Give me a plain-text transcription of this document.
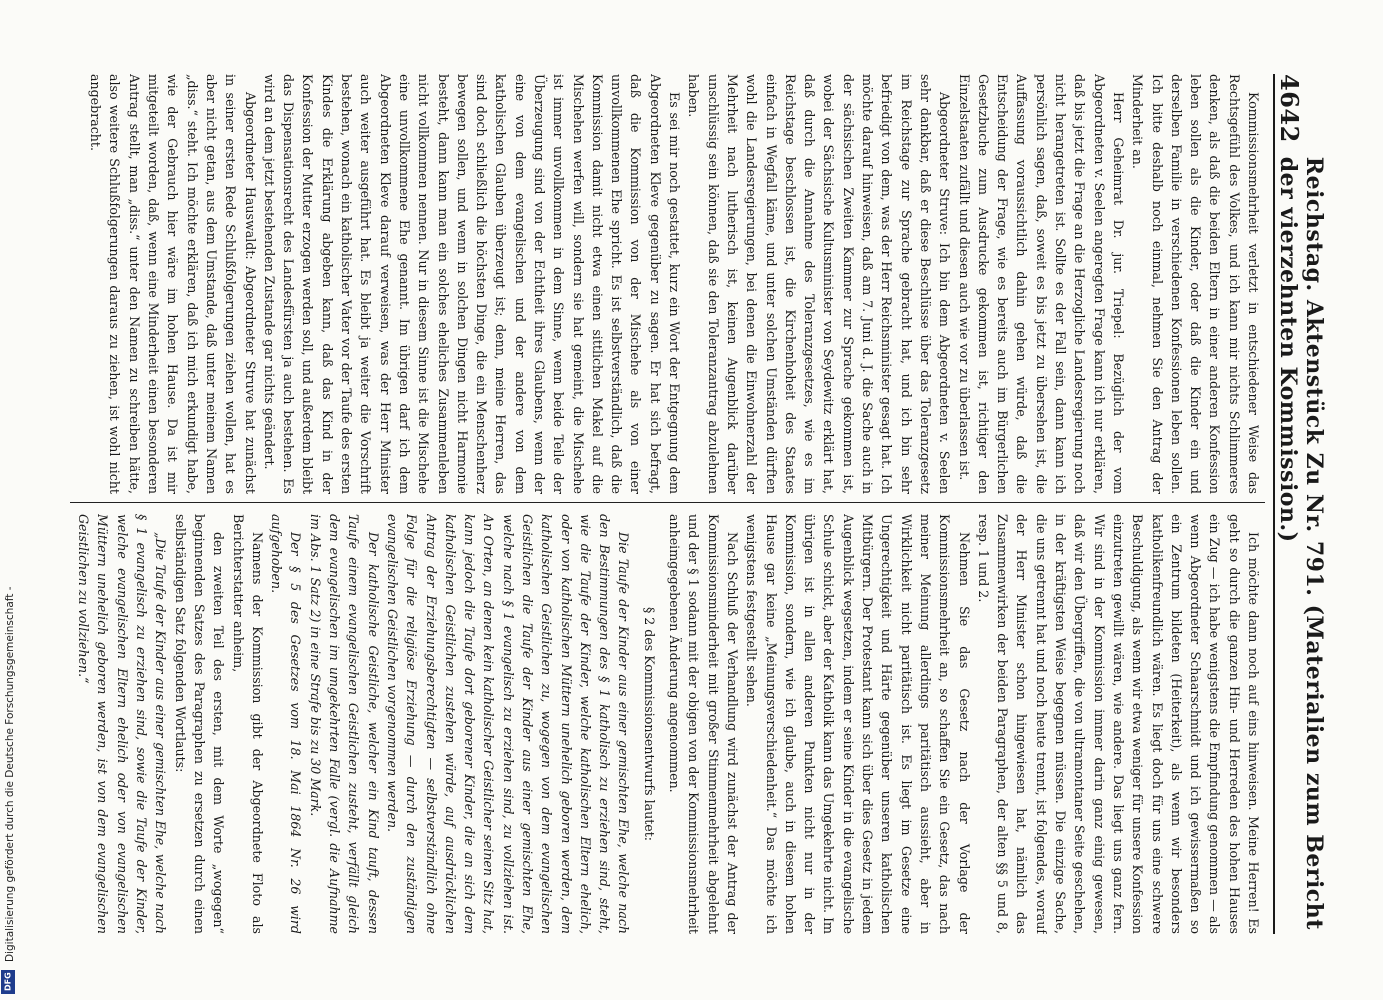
4642
Reichstag. Aktenstück Zu Nr. 791. (Materialien zum Bericht der vierzehnten Kommission.)

Kommissionsmehrheit verletzt in entschiedener Weise das Rechtsgefühl des Volkes, und ich kann mir nichts Schlimmeres denken, als daß die beiden Eltern in einer anderen Konfession leben sollen als die Kinder, oder daß die Kinder ein und derselben Familie in verschiedenen Konfessionen leben sollen. Ich bitte deshalb noch einmal, nehmen Sie den Antrag der Minderheit an.

Herr Geheimrat Dr. jur. Triepel: Bezüglich der vom Abgeordneten v. Seelen angeregten Frage kann ich nur erklären, daß bis jetzt die Frage an die Herzogliche Landesregierung noch nicht herangetreten ist. Sollte es der Fall sein, dann kann ich persönlich sagen, daß, soweit es bis jetzt zu übersehen ist, die Auffassung voraussichtlich dahin gehen würde, daß die Entscheidung der Frage, wie es bereits auch im Bürgerlichen Gesetzbuche zum Ausdrucke gekommen ist, richtiger den Einzelstaaten zufällt und diesen auch wie vor zu überlassen ist.

Abgeordneter Struve: Ich bin dem Abgeordneten v. Seelen sehr dankbar, daß er diese Beschlüsse über das Toleranzgesetz im Reichstage zur Sprache gebracht hat, und ich bin sehr befriedigt von dem, was der Herr Reichsminister gesagt hat. Ich möchte darauf hinweisen, daß am 7. Juni d. J. die Sache auch in der sächsischen Zweiten Kammer zur Sprache gekommen ist, wobei der Sächsische Kultusminister von Seydewitz erklärt hat, daß durch die Annahme des Toleranzgesetzes, wie es im Reichstage beschlossen ist, die Kirchenhoheit des Staates einfach in Wegfall käme, und unter solchen Umständen dürften wohl die Landesregierungen, bei denen die Einwohnerzahl der Mehrheit nach lutherisch ist, keinen Augenblick darüber unschlüssig sein können, daß sie den Toleranzantrag abzulehnen haben.

Es sei mir noch gestattet, kurz ein Wort der Entgegnung dem Abgeordneten Kleve gegenüber zu sagen. Er hat sich befragt, daß die Kommission von der Mischehe als von einer unvollkommenen Ehe spricht. Es ist selbstverständlich, daß die Kommission damit nicht etwa einen sittlichen Makel auf die Mischehen werfen will, sondern sie hat gemeint, die Mischehe ist immer unvollkommen in dem Sinne, wenn beide Teile der Überzeugung sind von der Echtheit ihres Glaubens, wenn der eine von dem evangelischen und der andere von dem katholischen Glauben überzeugt ist; denn, meine Herren, das sind doch schließlich die höchsten Dinge, die ein Menschenherz bewegen sollen, und wenn in solchen Dingen nicht Harmonie besteht, dann kann man ein solches eheliches Zusammenleben nicht vollkommen nennen. Nur in diesem Sinne ist die Mischehe eine unvollkommene Ehe genannt. Im übrigen darf ich dem Abgeordneten Kleve darauf verweisen, was der Herr Minister auch weiter ausgeführt hat. Es bleibt ja weiter die Vorschrift bestehen, wonach ein katholischer Vater vor der Taufe des ersten Kindes die Erklärung abgeben kann, daß das Kind in der Konfession der Mutter erzogen werden soll, und außerdem bleibt das Dispensationsrecht des Landesfürsten ja auch bestehen. Es wird an dem jetzt bestehenden Zustande gar nichts geändert.

Abgeordneter Hauswaldt: Abgeordneter Struve hat zunächst in seiner ersten Rede Schlußfolgerungen ziehen wollen, hat es aber nicht getan, aus dem Umstande, daß unter meinem Namen „diss.“ steht. Ich möchte erklären, daß ich mich erkundigt habe, wie der Gebrauch hier wäre im hohen Hause. Da ist mir mitgeteilt worden, daß, wenn eine Minderheit einen besonderen Antrag stellt, man „diss.“ unter den Namen zu schreiben hätte, also weitere Schlußfolgerungen daraus zu ziehen, ist wohl nicht angebracht.

Ich möchte dann noch auf eins hinweisen. Meine Herren! Es geht so durch die ganzen Hin- und Herreden des hohen Hauses ein Zug — ich habe wenigstens die Empfindung genommen — als wenn Abgeordneter Schaarschmidt und ich gewissermaßen so ein Zentrum bildeten (Heiterkeit), als wenn wir besonders katholikenfreundlich wären. Es liegt doch für uns eine schwere Beschuldigung, als wenn wir etwa weniger für unsere Konfession einzutreten gewillt wären, wie andere. Das liegt uns ganz fern. Wir sind in der Kommission immer darin ganz einig gewesen, daß wir den Übergriffen, die von ultramontaner Seite geschehen, in der kräftigsten Weise begegnen müssen. Die einzige Sache, die uns getrennt hat und noch heute trennt, ist folgendes, worauf der Herr Minister schon hingewiesen hat, nämlich das Zusammenwirken der beiden Paragraphen, der alten §§ 5 und 8, resp. 1 und 2.

Nehmen Sie das Gesetz nach der Vorlage der Kommissionsmehrheit an, so schaffen Sie ein Gesetz, das nach meiner Meinung allerdings paritätisch aussieht, aber in Wirklichkeit nicht paritätisch ist. Es liegt im Gesetze eine Ungerechtigkeit und Härte gegenüber unseren katholischen Mitbürgern. Der Protestant kann sich über dies Gesetz in jedem Augenblick wegsetzen, indem er seine Kinder in die evangelische Schule schickt, aber der Katholik kann das Umgekehrte nicht. Im übrigen ist in allen anderen Punkten nicht nur in der Kommission, sondern, wie ich glaube, auch in diesem hohen Hause gar keine „Meinungsverschiedenheit.“ Das möchte ich wenigstens festgestellt sehen.

Nach Schluß der Verhandlung wird zunächst der Antrag der Kommissionsminderheit mit großer Stimmenmehrheit abgelehnt und der § 1 sodann mit der obigen von der Kommissionsmehrheit anheimgegebenen Änderung angenommen.

§ 2 des Kommissionsentwurfs lautet:

Die Taufe der Kinder aus einer gemischten Ehe, welche nach den Bestimmungen des § 1 katholisch zu erziehen sind, steht, wie die Taufe der Kinder, welche katholischen Eltern ehelich, oder von katholischen Müttern unehelich geboren werden, dem katholischen Geistlichen zu, wogegen von dem evangelischen Geistlichen die Taufe der Kinder aus einer gemischten Ehe, welche nach § 1 evangelisch zu erziehen sind, zu vollziehen ist. An Orten, an denen kein katholischer Geistlicher seinen Sitz hat, kann jedoch die Taufe dort geborener Kinder, die an sich dem katholischen Geistlichen zustehen würde, auf ausdrücklichen Antrag der Erziehungsberechtigten — selbstverständlich ohne Folge für die religiöse Erziehung — durch den zuständigen evangelischen Geistlichen vorgenommen werden.

Der katholische Geistliche, welcher ein Kind tauft, dessen Taufe einem evangelischen Geistlichen zusteht, verfällt gleich dem evangelischen im umgekehrten Falle (vergl. die Aufnahme im Abs. 1 Satz 2) in eine Strafe bis zu 30 Mark.

Der § 5 des Gesetzes vom 18. Mai 1864 Nr. 26 wird aufgehoben.

Namens der Kommission gibt der Abgeordnete Floto als Berichterstatter anheim,

den zweiten Teil des ersten, mit dem Worte „wogegen“ beginnenden Satzes des Paragraphen zu ersetzen durch einen selbständigen Satz folgenden Wortlauts:

„Die Taufe der Kinder aus einer gemischten Ehe, welche nach § 1 evangelisch zu erziehen sind, sowie die Taufe der Kinder, welche evangelischen Eltern ehelich oder von evangelischen Müttern unehelich geboren werden, ist von dem evangelischen Geistlichen zu vollziehen.“

Digitalisierung gefördert durch die Deutsche Forschungsgemeinschaft -
DFG
